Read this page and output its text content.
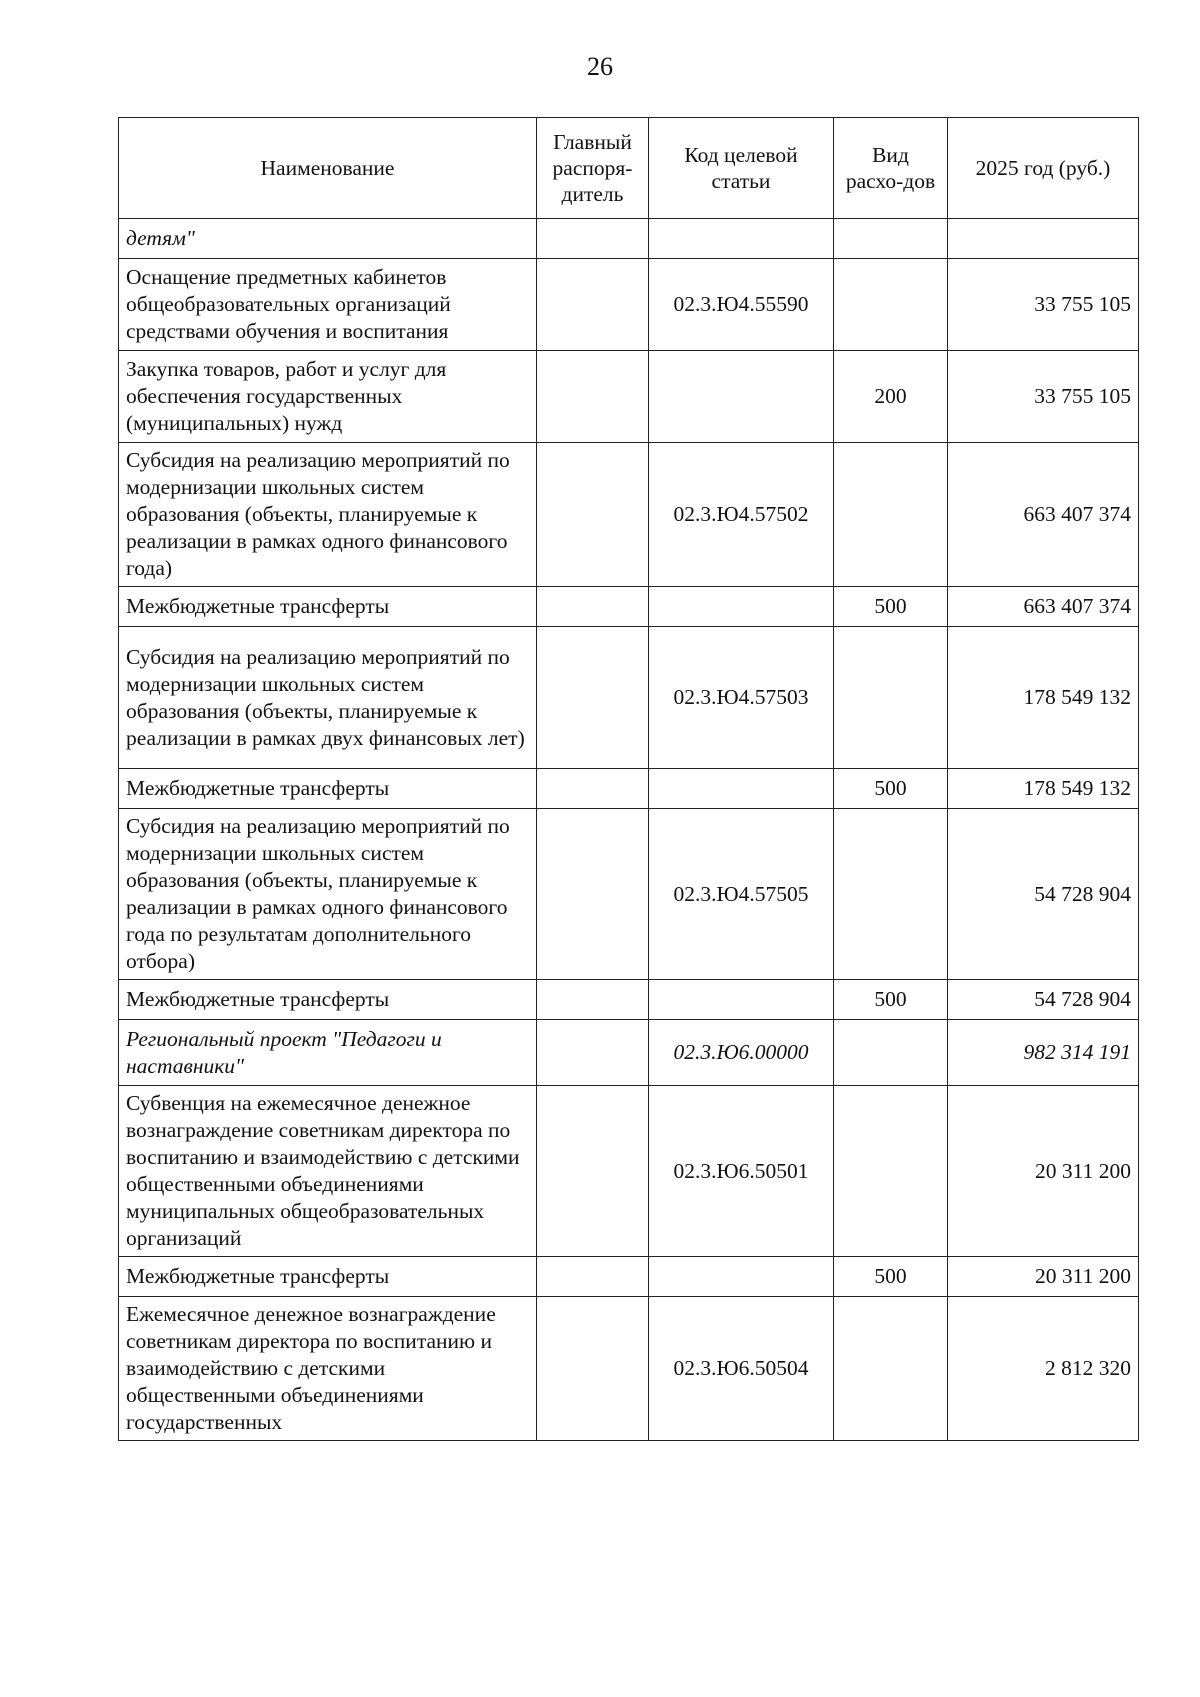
26
Наименование	Главный распоря-дитель	Код целевой статьи	Вид расхо-дов	2025 год (руб.)
детям"				
Оснащение предметных кабинетов общеобразовательных организаций средствами обучения и воспитания		02.3.Ю4.55590		33 755 105
Закупка товаров, работ и услуг для обеспечения государственных (муниципальных) нужд			200	33 755 105
Субсидия на реализацию мероприятий по модернизации школьных систем образования (объекты, планируемые к реализации в рамках одного финансового года)		02.3.Ю4.57502		663 407 374
Межбюджетные трансферты			500	663 407 374
Субсидия на реализацию мероприятий по модернизации школьных систем образования (объекты, планируемые к реализации в рамках двух финансовых лет)		02.3.Ю4.57503		178 549 132
Межбюджетные трансферты			500	178 549 132
Субсидия на реализацию мероприятий по модернизации школьных систем образования (объекты, планируемые к реализации в рамках одного финансового года по результатам дополнительного отбора)		02.3.Ю4.57505		54 728 904
Межбюджетные трансферты			500	54 728 904
Региональный проект "Педагоги и наставники"		02.3.Ю6.00000		982 314 191
Субвенция на ежемесячное денежное вознаграждение советникам директора по воспитанию и взаимодействию с детскими общественными объединениями муниципальных общеобразовательных организаций		02.3.Ю6.50501		20 311 200
Межбюджетные трансферты			500	20 311 200
Ежемесячное денежное вознаграждение советникам директора по воспитанию и взаимодействию с детскими общественными объединениями государственных		02.3.Ю6.50504		2 812 320
